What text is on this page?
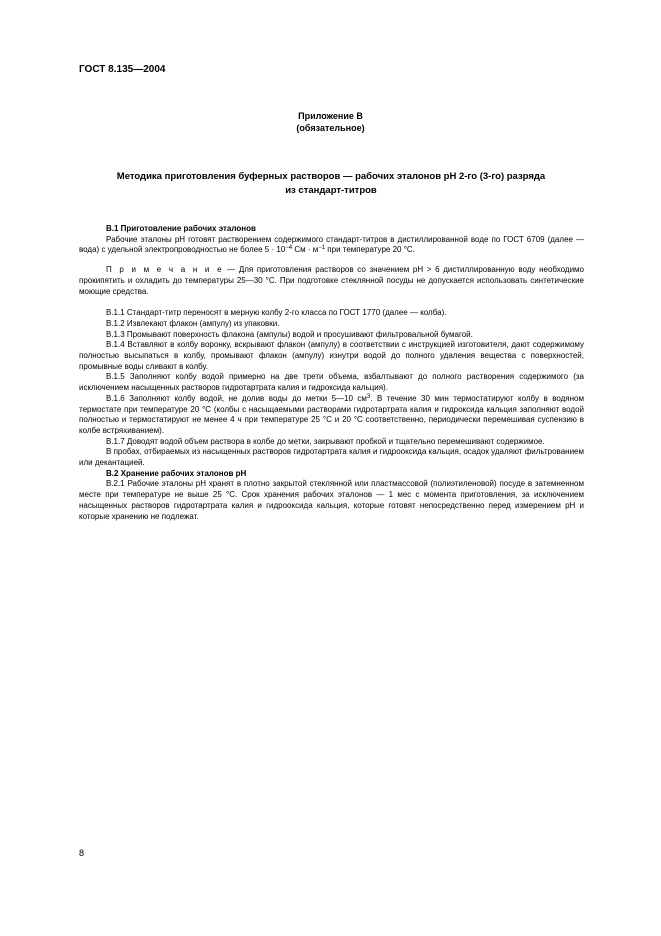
ГОСТ 8.135—2004
Приложение В
(обязательное)
Методика приготовления буферных растворов — рабочих эталонов pH 2-го (3-го) разряда
из стандарт-титров
В.1 Приготовление рабочих эталонов

Рабочие эталоны pH готовят растворением содержимого стандарт-титров в дистиллированной воде по ГОСТ 6709 (далее — вода) с удельной электропроводностью не более $5 \cdot 10^{-4}$ См · $м^{-1}$ при температуре 20 °С.

П р и м е ч а н и е — Для приготовления растворов со значением pH > 6 дистиллированную воду необходимо прокипятить и охладить до температуры 25—30 °С. При подготовке стеклянной посуды не допускается использовать синтетические моющие средства.

В.1.1 Стандарт-титр переносят в мерную колбу 2-го класса по ГОСТ 1770 (далее — колба).

В.1.2 Извлекают флакон (ампулу) из упаковки.

В.1.3 Промывают поверхность флакона (ампулы) водой и просушивают фильтровальной бумагой.

В.1.4 Вставляют в колбу воронку, вскрывают флакон (ампулу) в соответствии с инструкцией изготовителя, дают содержимому полностью высыпаться в колбу, промывают флакон (ампулу) изнутри водой до полного удаления вещества с поверхностей, промывные воды сливают в колбу.

В.1.5 Заполняют колбу водой примерно на две трети объема, взбалтывают до полного растворения содержимого (за исключением насыщенных растворов гидротартрата калия и гидроксида кальция).

В.1.6 Заполняют колбу водой, не долив воды до метки 5—10 $см^3$. В течение 30 мин термостатируют колбу в водяном термостате при температуре 20 °С (колбы с насыщаемыми растворами гидротартрата калия и гидроксида кальция заполняют водой полностью и термостатируют не менее 4 ч при температуре 25 °С и 20 °С соответственно, периодически перемешивая суспензию в колбе встряхиванием).

В.1.7 Доводят водой объем раствора в колбе до метки, закрывают пробкой и тщательно перемешивают содержимое.

В пробах, отбираемых из насыщенных растворов гидротартрата калия и гидрооксида кальция, осадок удаляют фильтрованием или декантацией.

В.2 Хранение рабочих эталонов pH

В.2.1 Рабочие эталоны pH хранят в плотно закрытой стеклянной или пластмассовой (полиэтиленовой) посуде в затемненном месте при температуре не выше 25 °С. Срок хранения рабочих эталонов — 1 мес с момента приготовления, за исключением насыщенных растворов гидротартрата калия и гидрооксида кальция, которые готовят непосредственно перед измерением pH и которые хранению не подлежат.

8
